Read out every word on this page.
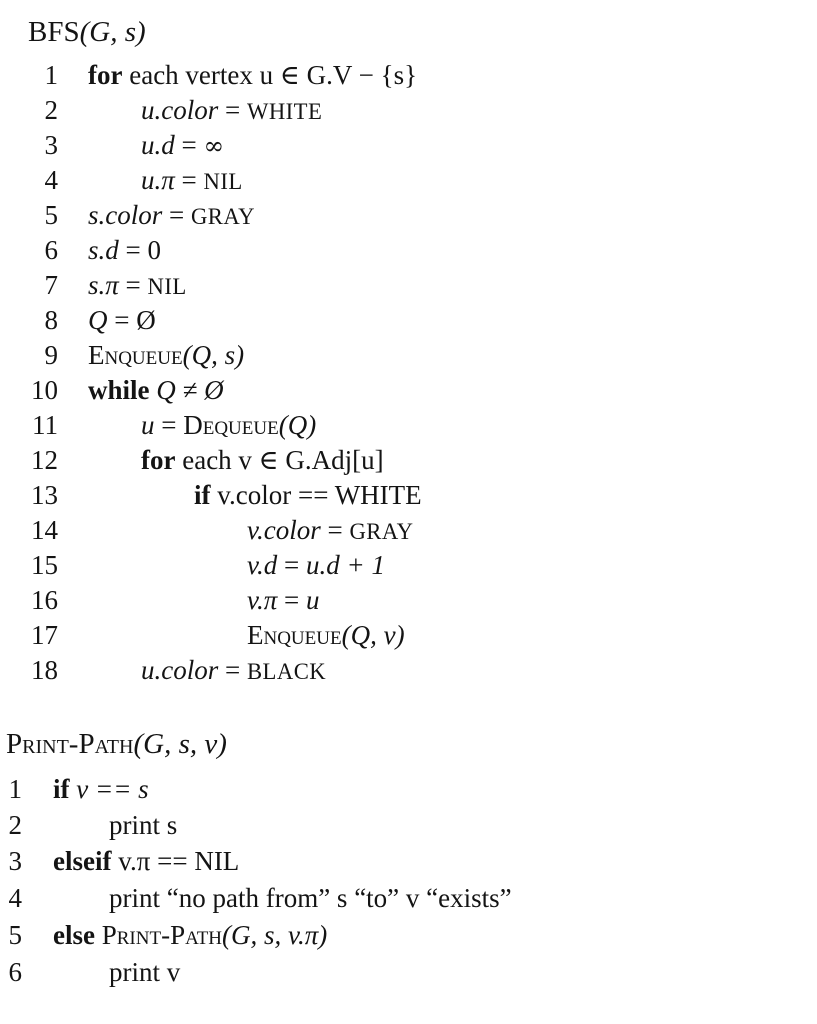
BFS(G, s)
1 for each vertex u ∈ G.V − {s}
2	u.color = WHITE
3	u.d = ∞
4	u.π = NIL
5 s.color = GRAY
6 s.d = 0
7 s.π = NIL
8 Q = Ø
9 Enqueue(Q, s)
10 while Q ≠ Ø
11	u = Dequeue(Q)
12	for each v ∈ G.Adj[u]
13	if v.color == WHITE
14	v.color = GRAY
15	v.d = u.d + 1
16	v.π = u
17	Enqueue(Q, v)
18	u.color = BLACK
Print-Path(G, s, v)
1 if v == s
2	print s
3 elseif v.π == NIL
4	print “no path from” s “to” v “exists”
5 else Print-Path(G, s, v.π)
6	print v
